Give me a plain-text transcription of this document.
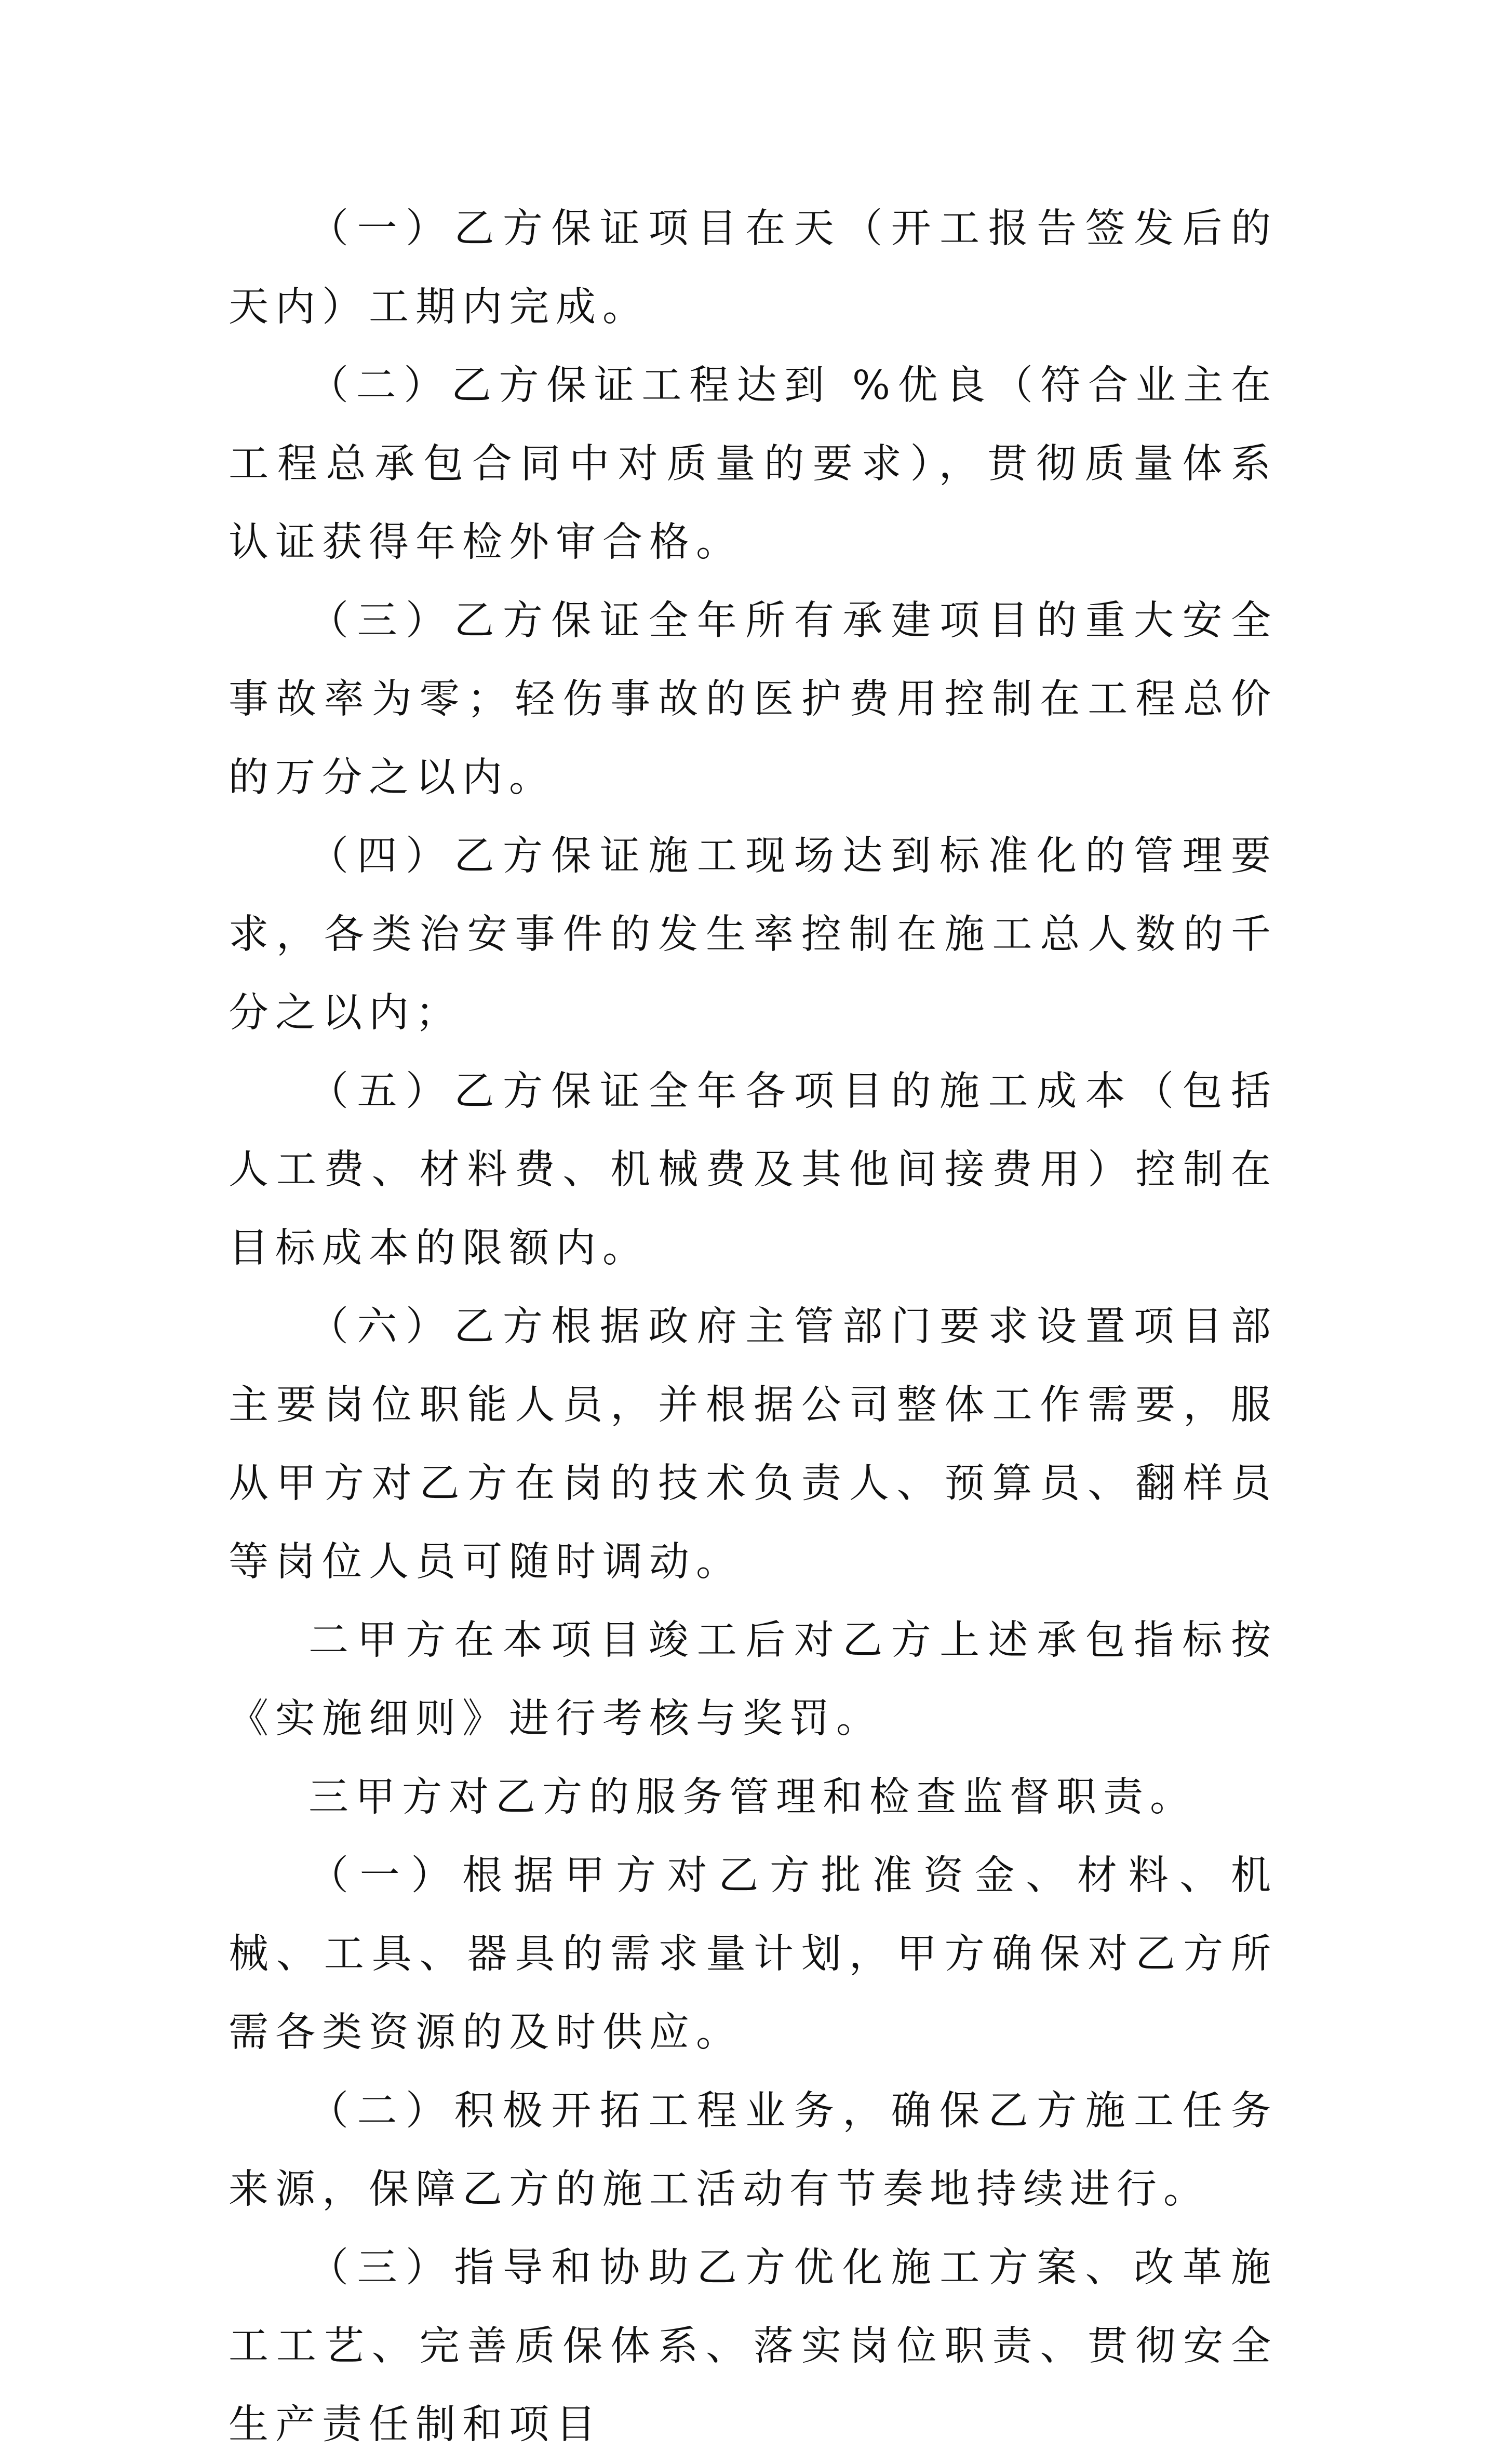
（一）乙方保证项目在天（开工报告签发后的天内）工期内完成。

（二）乙方保证工程达到 %优良（符合业主在工程总承包合同中对质量的要求），贯彻质量体系认证获得年检外审合格。

（三）乙方保证全年所有承建项目的重大安全事故率为零；轻伤事故的医护费用控制在工程总价的万分之以内。

（四）乙方保证施工现场达到标准化的管理要求，各类治安事件的发生率控制在施工总人数的千分之以内；

（五）乙方保证全年各项目的施工成本（包括人工费、材料费、机械费及其他间接费用）控制在目标成本的限额内。

（六）乙方根据政府主管部门要求设置项目部主要岗位职能人员，并根据公司整体工作需要，服从甲方对乙方在岗的技术负责人、预算员、翻样员等岗位人员可随时调动。

二甲方在本项目竣工后对乙方上述承包指标按《实施细则》进行考核与奖罚。

三甲方对乙方的服务管理和检查监督职责。

（一）根据甲方对乙方批准资金、材料、机械、工具、器具的需求量计划，甲方确保对乙方所需各类资源的及时供应。

（二）积极开拓工程业务，确保乙方施工任务来源，保障乙方的施工活动有节奏地持续进行。

（三）指导和协助乙方优化施工方案、改革施工工艺、完善质保体系、落实岗位职责、贯彻安全生产责任制和项目
